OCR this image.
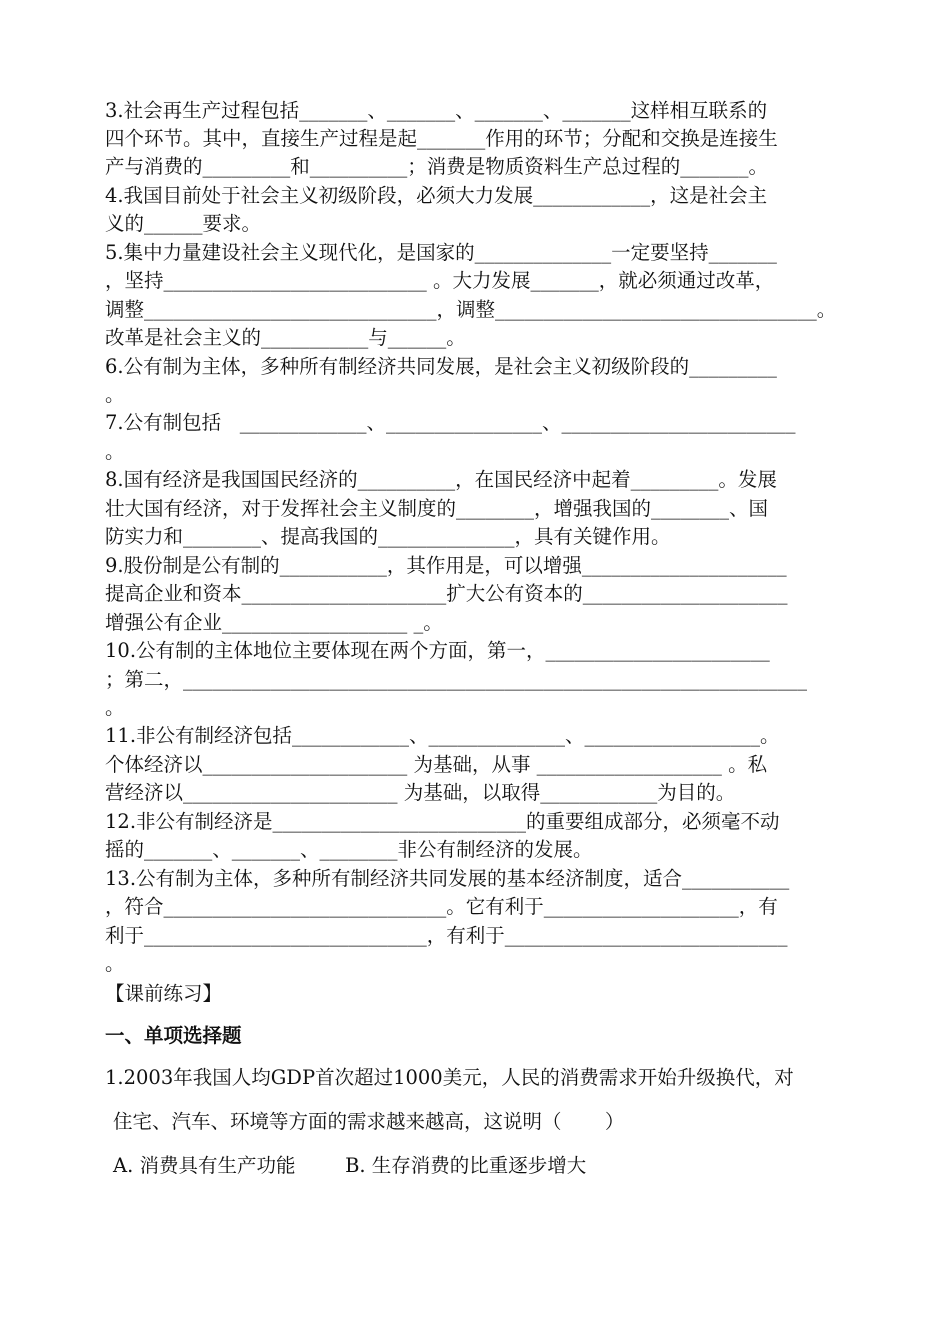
3.社会再生产过程包括_______、_______、_______、_______这样相互联系的
四个环节。其中，直接生产过程是起_______作用的环节；分配和交换是连接生
产与消费的_________和__________；消费是物质资料生产总过程的_______。
4.我国目前处于社会主义初级阶段，必须大力发展____________，这是社会主
义的______要求。
5.集中力量建设社会主义现代化，是国家的______________一定要坚持_______
，坚持___________________________ 。大力发展_______，就必须通过改革，
调整______________________________，调整_________________________________。
改革是社会主义的___________与______。
6.公有制为主体，多种所有制经济共同发展，是社会主义初级阶段的_________
。
7.公有制包括   _____________、________________、________________________
。
8.国有经济是我国国民经济的__________，在国民经济中起着_________。发展
壮大国有经济，对于发挥社会主义制度的________，增强我国的________、国
防实力和________、提高我国的______________，具有关键作用。
9.股份制是公有制的___________，其作用是，可以增强_____________________
提高企业和资本_____________________扩大公有资本的_____________________
增强公有企业___________________ _。
10.公有制的主体地位主要体现在两个方面，第一，_______________________
；第二，________________________________________________________________
。
11.非公有制经济包括____________、______________、__________________。
个体经济以_____________________ 为基础，从事 ___________________ 。私
营经济以______________________ 为基础，以取得____________为目的。
12.非公有制经济是__________________________的重要组成部分，必须毫不动
摇的_______、_______、________非公有制经济的发展。
13.公有制为主体，多种所有制经济共同发展的基本经济制度，适合___________
，符合_____________________________。它有利于____________________，有
利于_____________________________，有利于_____________________________
。
【课前练习】
一、单项选择题
1.2003年我国人均GDP首次超过1000美元，人民的消费需求开始升级换代，对
住宅、汽车、环境等方面的需求越来越高，这说明（       ）
A. 消费具有生产功能        B. 生存消费的比重逐步增大
